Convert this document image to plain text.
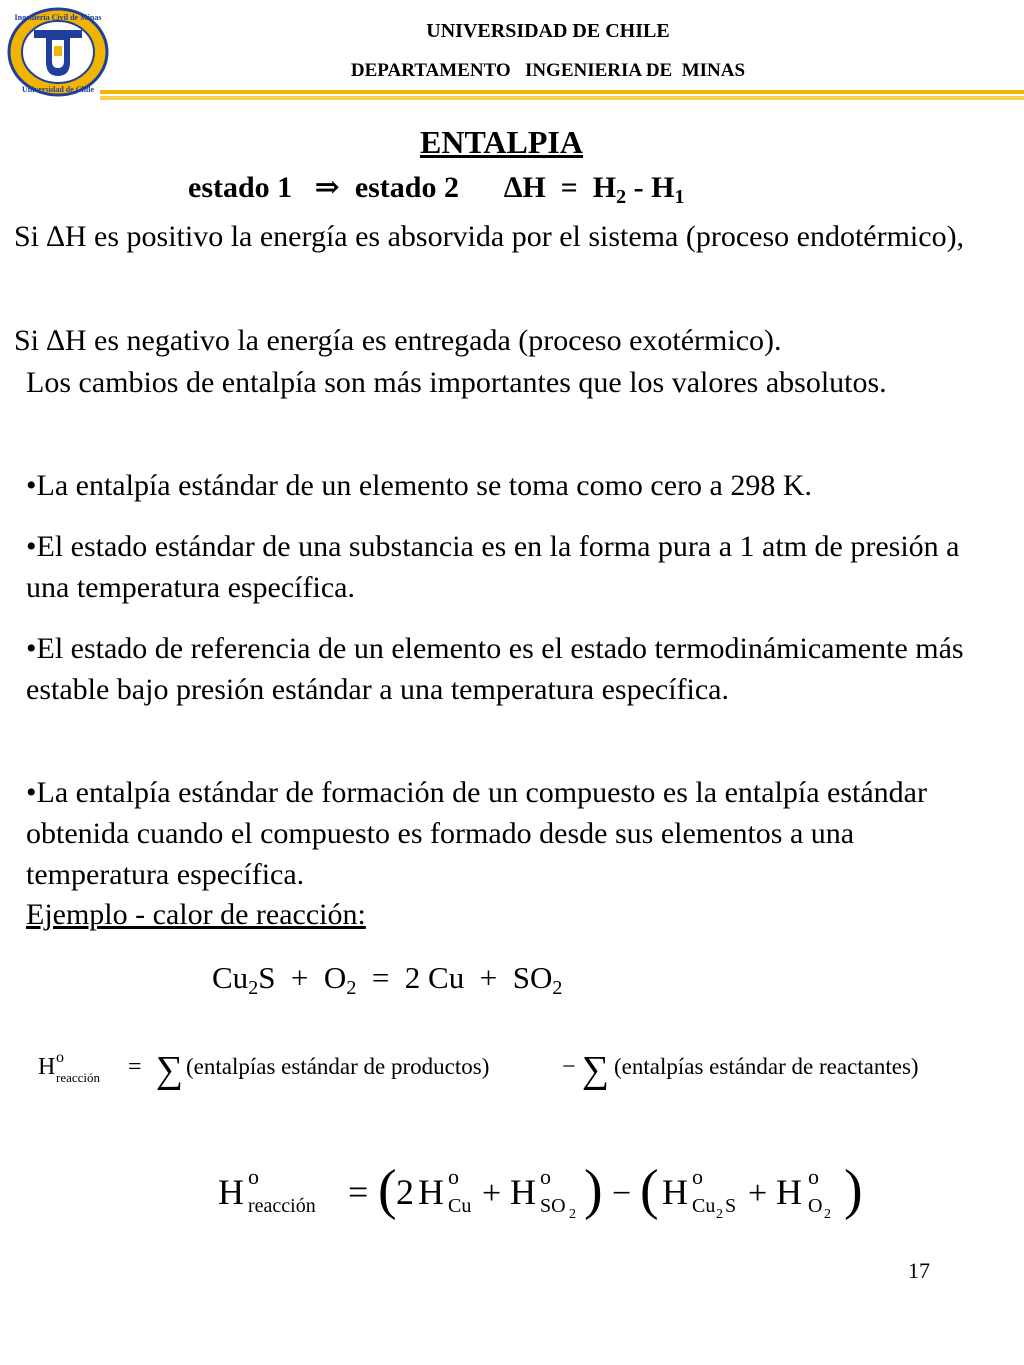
Ingeniería Civil de Minas
Universidad de Chile
UNIVERSIDAD DE CHILE
DEPARTAMENTO   INGENIERIA DE  MINAS
ENTALPIA
estado 1 ⇒ estado 2 $\Delta H = H_2 - H_1$
Si ∆H es positivo la energía es absorvida por el sistema (proceso endotérmico),
Si ∆H es negativo la energía es entregada (proceso exotérmico).
Los cambios de entalpía son más importantes que los valores absolutos.
•La entalpía estándar de un elemento se toma como cero a 298 K.
•El estado estándar de una substancia es en la forma pura a 1 atm de presión a una temperatura específica.
•El estado de referencia de un elemento es el estado termodinámicamente más estable bajo presión estándar a una temperatura específica.
•La entalpía estándar de formación de un compuesto es la entalpía estándar obtenida cuando el compuesto es formado desde sus elementos a una temperatura específica.
Ejemplo - calor de reacción:
$Cu_2S + O_2 = 2$ $Cu + SO_2$
H o
reacción = ∑ (entalpías estándar de productos)	− ∑ (entalpías estándar de reactantes)
H o
reacción = ( 2 H o
Cu + H o
SO 2 ) − ( H o
Cu 2 S + H o
O 2 )
17
